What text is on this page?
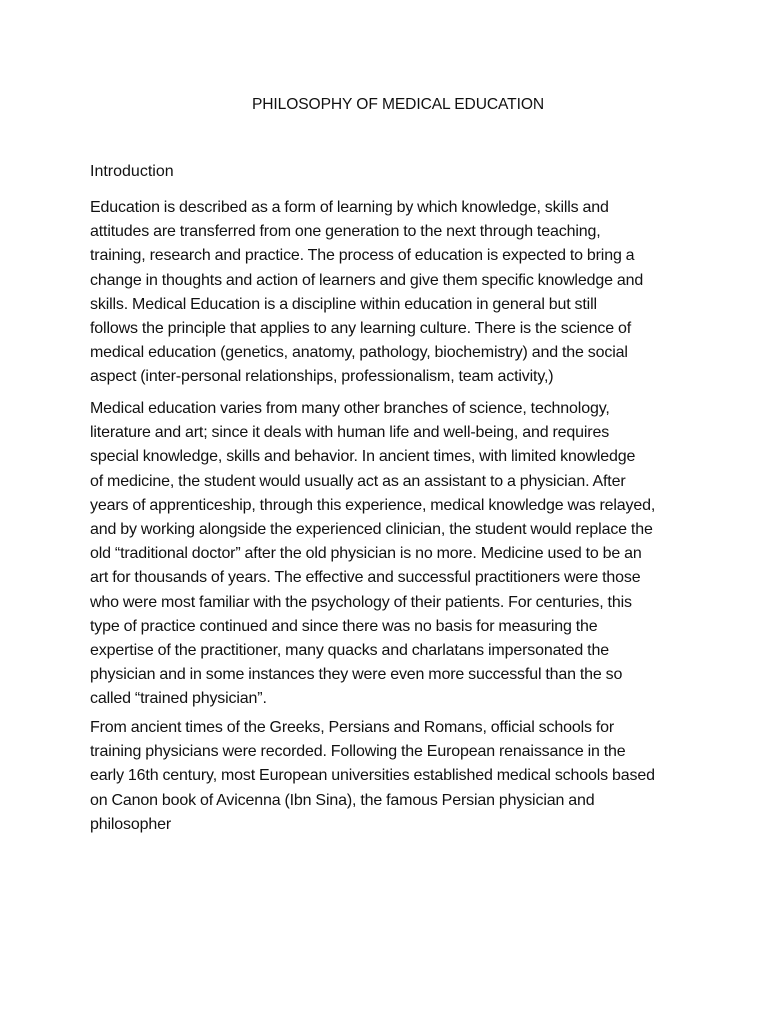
PHILOSOPHY OF MEDICAL EDUCATION
Introduction

Education is described as a form of learning by which knowledge, skills and
attitudes are transferred from one generation to the next through teaching,
training, research and practice. The process of education is expected to bring a
change in thoughts and action of learners and give them specific knowledge and
skills. Medical Education is a discipline within education in general but still
follows the principle that applies to any learning culture. There is the science of
medical education (genetics, anatomy, pathology, biochemistry) and the social
aspect (inter-personal relationships, professionalism, team activity,)

Medical education varies from many other branches of science, technology,
literature and art; since it deals with human life and well-being, and requires
special knowledge, skills and behavior. In ancient times, with limited knowledge
of medicine, the student would usually act as an assistant to a physician. After
years of apprenticeship, through this experience, medical knowledge was relayed,
and by working alongside the experienced clinician, the student would replace the
old “traditional doctor” after the old physician is no more. Medicine used to be an
art for thousands of years. The effective and successful practitioners were those
who were most familiar with the psychology of their patients. For centuries, this
type of practice continued and since there was no basis for measuring the
expertise of the practitioner, many quacks and charlatans impersonated the
physician and in some instances they were even more successful than the so
called “trained physician”.

From ancient times of the Greeks, Persians and Romans, official schools for
training physicians were recorded. Following the European renaissance in the
early 16th century, most European universities established medical schools based
on Canon book of Avicenna (Ibn Sina), the famous Persian physician and
philosopher
